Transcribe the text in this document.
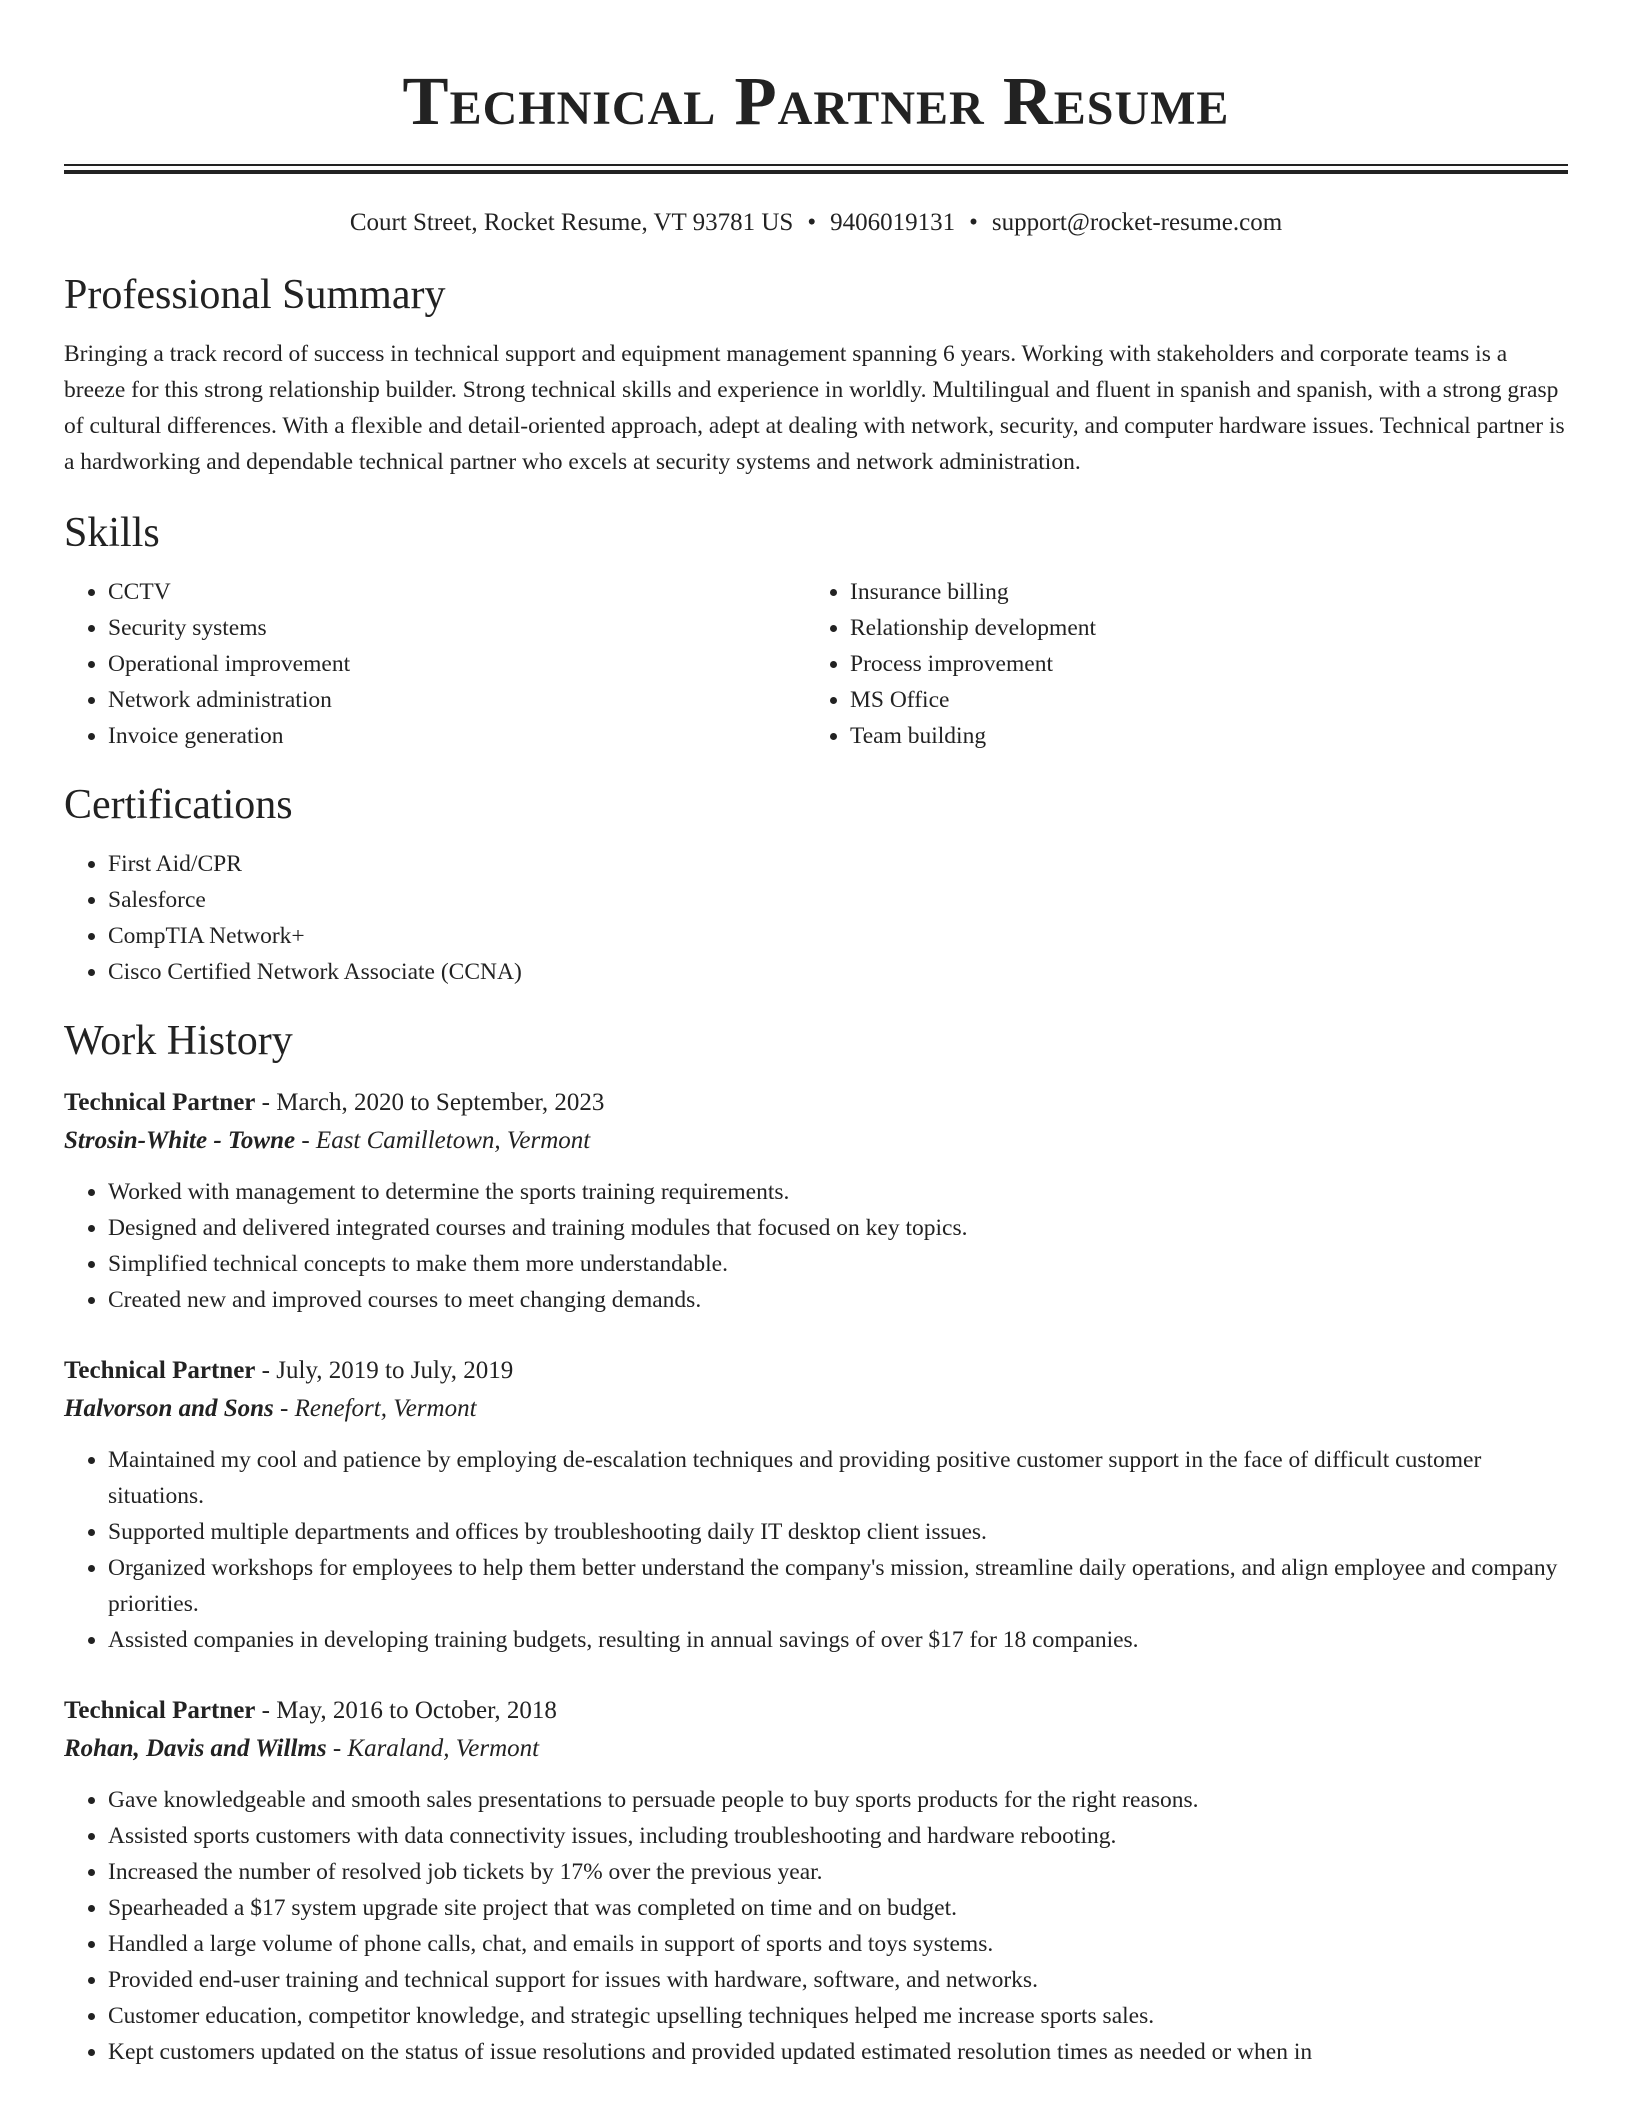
Technical Partner Resume
Court Street, Rocket Resume, VT 93781 US • 9406019131 • support@rocket-resume.com
Professional Summary

Bringing a track record of success in technical support and equipment management spanning 6 years. Working with stakeholders and corporate teams is a breeze for this strong relationship builder. Strong technical skills and experience in worldly. Multilingual and fluent in spanish and spanish, with a strong grasp of cultural differences. With a flexible and detail-oriented approach, adept at dealing with network, security, and computer hardware issues. Technical partner is a hardworking and dependable technical partner who excels at security systems and network administration.

Skills
• CCTV
• Security systems
• Operational improvement
• Network administration
• Invoice generation
• Insurance billing
• Relationship development
• Process improvement
• MS Office
• Team building
Certifications
• First Aid/CPR
• Salesforce
• CompTIA Network+
• Cisco Certified Network Associate (CCNA)
Work History
Technical Partner - March, 2020 to September, 2023
Strosin-White - Towne - East Camilletown, Vermont
• Worked with management to determine the sports training requirements.
• Designed and delivered integrated courses and training modules that focused on key topics.
• Simplified technical concepts to make them more understandable.
• Created new and improved courses to meet changing demands.
Technical Partner - July, 2019 to July, 2019
Halvorson and Sons - Renefort, Vermont
• Maintained my cool and patience by employing de-escalation techniques and providing positive customer support in the face of difficult customer situations.
• Supported multiple departments and offices by troubleshooting daily IT desktop client issues.
• Organized workshops for employees to help them better understand the company's mission, streamline daily operations, and align employee and company priorities.
• Assisted companies in developing training budgets, resulting in annual savings of over $17 for 18 companies.
Technical Partner - May, 2016 to October, 2018
Rohan, Davis and Willms - Karaland, Vermont
• Gave knowledgeable and smooth sales presentations to persuade people to buy sports products for the right reasons.
• Assisted sports customers with data connectivity issues, including troubleshooting and hardware rebooting.
• Increased the number of resolved job tickets by 17% over the previous year.
• Spearheaded a $17 system upgrade site project that was completed on time and on budget.
• Handled a large volume of phone calls, chat, and emails in support of sports and toys systems.
• Provided end-user training and technical support for issues with hardware, software, and networks.
• Customer education, competitor knowledge, and strategic upselling techniques helped me increase sports sales.
• Kept customers updated on the status of issue resolutions and provided updated estimated resolution times as needed or when in
